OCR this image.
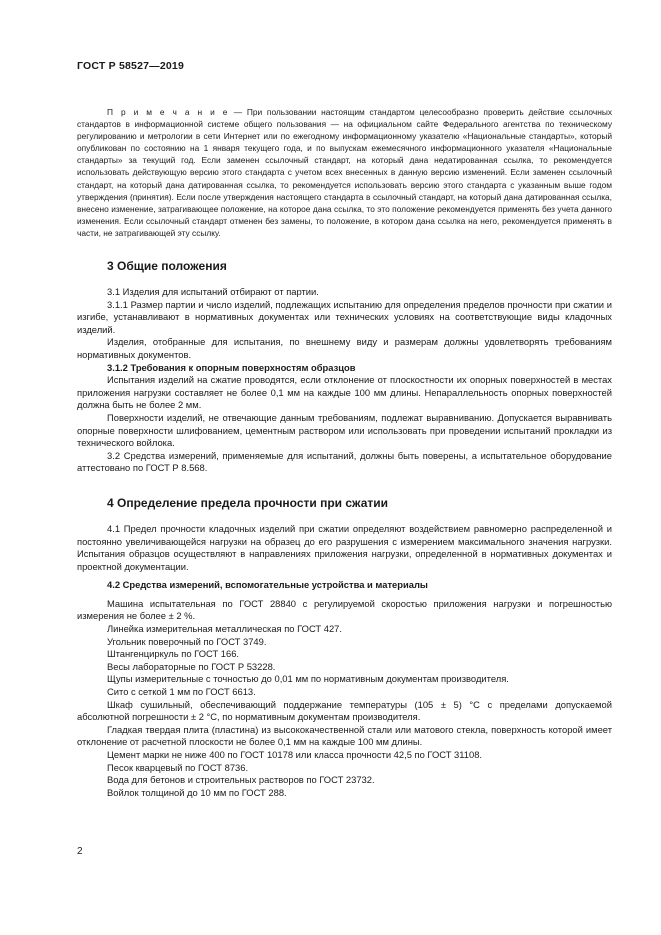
ГОСТ Р 58527—2019

П р и м е ч а н и е — При пользовании настоящим стандартом целесообразно проверить действие ссылочных стандартов в информационной системе общего пользования — на официальном сайте Федерального агентства по техническому регулированию и метрологии в сети Интернет или по ежегодному информационному указателю «Национальные стандарты», который опубликован по состоянию на 1 января текущего года, и по выпускам ежемесячного информационного указателя «Национальные стандарты» за текущий год. Если заменен ссылочный стандарт, на который дана недатированная ссылка, то рекомендуется использовать действующую версию этого стандарта с учетом всех внесенных в данную версию изменений. Если заменен ссылочный стандарт, на который дана датированная ссылка, то рекомендуется использовать версию этого стандарта с указанным выше годом утверждения (принятия). Если после утверждения настоящего стандарта в ссылочный стандарт, на который дана датированная ссылка, внесено изменение, затрагивающее положение, на которое дана ссылка, то это положение рекомендуется применять без учета данного изменения. Если ссылочный стандарт отменен без замены, то положение, в котором дана ссылка на него, рекомендуется применять в части, не затрагивающей эту ссылку.

3 Общие положения

3.1 Изделия для испытаний отбирают от партии.

3.1.1 Размер партии и число изделий, подлежащих испытанию для определения пределов прочности при сжатии и изгибе, устанавливают в нормативных документах или технических условиях на соответствующие виды кладочных изделий.

Изделия, отобранные для испытания, по внешнему виду и размерам должны удовлетворять требованиям нормативных документов.

3.1.2 Требования к опорным поверхностям образцов

Испытания изделий на сжатие проводятся, если отклонение от плоскостности их опорных поверхностей в местах приложения нагрузки составляет не более 0,1 мм на каждые 100 мм длины. Непараллельность опорных поверхностей должна быть не более 2 мм.

Поверхности изделий, не отвечающие данным требованиям, подлежат выравниванию. Допускается выравнивать опорные поверхности шлифованием, цементным раствором или использовать при проведении испытаний прокладки из технического войлока.

3.2 Средства измерений, применяемые для испытаний, должны быть поверены, а испытательное оборудование аттестовано по ГОСТ Р 8.568.

4 Определение предела прочности при сжатии

4.1 Предел прочности кладочных изделий при сжатии определяют воздействием равномерно распределенной и постоянно увеличивающейся нагрузки на образец до его разрушения с измерением максимального значения нагрузки. Испытания образцов осуществляют в направлениях приложения нагрузки, определенной в нормативных документах и проектной документации.

4.2 Средства измерений, вспомогательные устройства и материалы

Машина испытательная по ГОСТ 28840 с регулируемой скоростью приложения нагрузки и погрешностью измерения не более ± 2 %.

Линейка измерительная металлическая по ГОСТ 427.

Угольник поверочный по ГОСТ 3749.

Штангенциркуль по ГОСТ 166.

Весы лабораторные по ГОСТ Р 53228.

Щупы измерительные с точностью до 0,01 мм по нормативным документам производителя.

Сито с сеткой 1 мм по ГОСТ 6613.

Шкаф сушильный, обеспечивающий поддержание температуры (105 ± 5) °С с пределами допускаемой абсолютной погрешности ± 2 °С, по нормативным документам производителя.

Гладкая твердая плита (пластина) из высококачественной стали или матового стекла, поверхность которой имеет отклонение от расчетной плоскости не более 0,1 мм на каждые 100 мм длины.

Цемент марки не ниже 400 по ГОСТ 10178 или класса прочности 42,5 по ГОСТ 31108.

Песок кварцевый по ГОСТ 8736.

Вода для бетонов и строительных растворов по ГОСТ 23732.

Войлок толщиной до 10 мм по ГОСТ 288.

2
